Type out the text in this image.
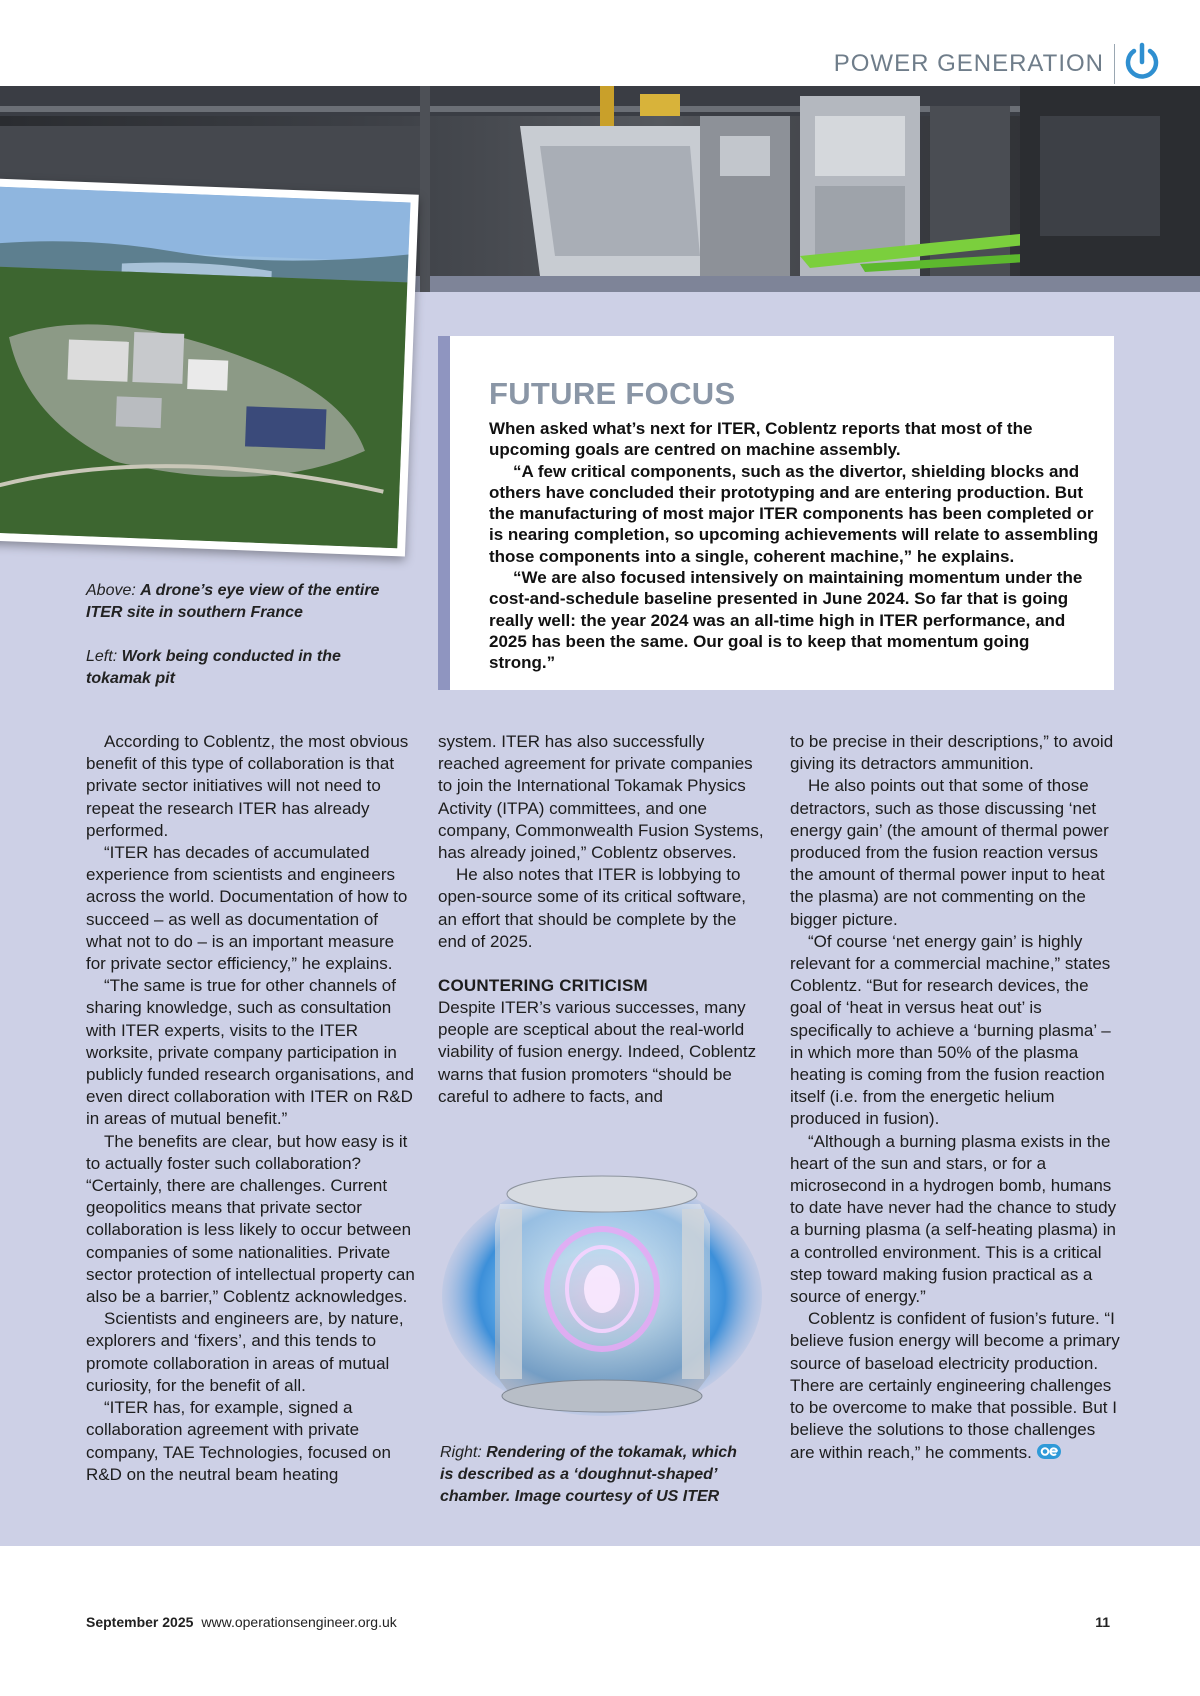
POWER GENERATION
Above: A drone’s eye view of the entire ITER site in southern France
Left: Work being conducted in the tokamak pit
FUTURE FOCUS

When asked what’s next for ITER, Coblentz reports that most of the upcoming goals are centred on machine assembly.

“A few critical components, such as the divertor, shielding blocks and others have concluded their prototyping and are entering production. But the manufacturing of most major ITER components has been completed or is nearing completion, so upcoming achievements will relate to assembling those components into a single, coherent machine,” he explains.

“We are also focused intensively on maintaining momentum under the cost-and-schedule baseline presented in June 2024. So far that is going really well: the year 2024 was an all-time high in ITER performance, and 2025 has been the same. Our goal is to keep that momentum going strong.”

According to Coblentz, the most obvious benefit of this type of collaboration is that private sector initiatives will not need to repeat the research ITER has already performed.

“ITER has decades of accumulated experience from scientists and engineers across the world. Documentation of how to succeed – as well as documentation of what not to do – is an important measure for private sector efficiency,” he explains.

“The same is true for other channels of sharing knowledge, such as consultation with ITER experts, visits to the ITER worksite, private company participation in publicly funded research organisations, and even direct collaboration with ITER on R&D in areas of mutual benefit.”

The benefits are clear, but how easy is it to actually foster such collaboration? “Certainly, there are challenges. Current geopolitics means that private sector collaboration is less likely to occur between companies of some nationalities. Private sector protection of intellectual property can also be a barrier,” Coblentz acknowledges.

Scientists and engineers are, by nature, explorers and ‘fixers’, and this tends to promote collaboration in areas of mutual curiosity, for the benefit of all.

“ITER has, for example, signed a collaboration agreement with private company, TAE Technologies, focused on R&D on the neutral beam heating

system. ITER has also successfully reached agreement for private companies to join the International Tokamak Physics Activity (ITPA) committees, and one company, Commonwealth Fusion Systems, has already joined,” Coblentz observes.

He also notes that ITER is lobbying to open-source some of its critical software, an effort that should be complete by the end of 2025.

COUNTERING CRITICISM

Despite ITER’s various successes, many people are sceptical about the real-world viability of fusion energy. Indeed, Coblentz warns that fusion promoters “should be careful to adhere to facts, and

Right: Rendering of the tokamak, which is described as a ‘doughnut-shaped’ chamber. Image courtesy of US ITER

to be precise in their descriptions,” to avoid giving its detractors ammunition.

He also points out that some of those detractors, such as those discussing ‘net energy gain’ (the amount of thermal power produced from the fusion reaction versus the amount of thermal power input to heat the plasma) are not commenting on the bigger picture.

“Of course ‘net energy gain’ is highly relevant for a commercial machine,” states Coblentz. “But for research devices, the goal of ‘heat in versus heat out’ is specifically to achieve a ‘burning plasma’ – in which more than 50% of the plasma heating is coming from the fusion reaction itself (i.e. from the energetic helium produced in fusion).

“Although a burning plasma exists in the heart of the sun and stars, or for a microsecond in a hydrogen bomb, humans to date have never had the chance to study a burning plasma (a self-heating plasma) in a controlled environment. This is a critical step toward making fusion practical as a source of energy.”

Coblentz is confident of fusion’s future. “I believe fusion energy will become a primary source of baseload electricity production. There are certainly engineering challenges to be overcome to make that possible. But I believe the solutions to those challenges are within reach,” he comments.

September 2025 www.operationsengineer.org.uk	11
